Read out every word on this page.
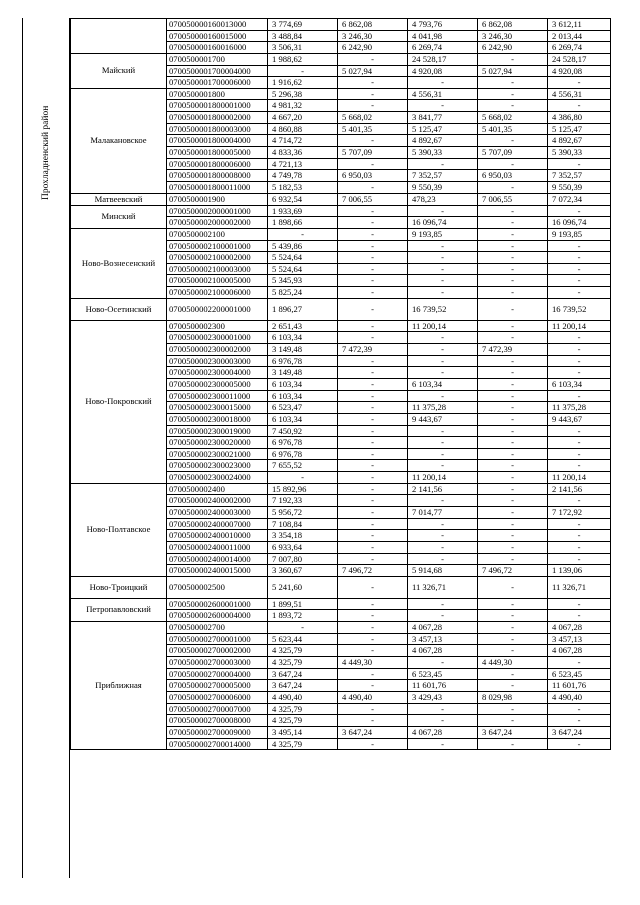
Прохладненский район
	070050000160013000	3 774,69	6 862,08	4 793,76	6 862,08	3 612,11
	070050000160015000	3 488,84	3 246,30	4 041,98	3 246,30	2 013,44
	070050000160016000	3 506,31	6 242,90	6 269,74	6 242,90	6 269,74
Майский	0700500001700	1 988,62	-	24 528,17	-	24 528,17
	0700500001700004000	-	5 027,94	4 920,08	5 027,94	4 920,08
	0700500001700006000	1 916,62	-	-	-	-
Малакановское	0700500001800	5 296,38	-	4 556,31	-	4 556,31
	0700500001800001000	4 981,32	-	-	-	-
	0700500001800002000	4 667,20	5 668,02	3 841,77	5 668,02	4 386,80
	0700500001800003000	4 860,88	5 401,35	5 125,47	5 401,35	5 125,47
	0700500001800004000	4 714,72	-	4 892,67	-	4 892,67
	0700500001800005000	4 833,36	5 707,09	5 390,33	5 707,09	5 390,33
	0700500001800006000	4 721,13	-	-	-	-
	0700500001800008000	4 749,78	6 950,03	7 352,57	6 950,03	7 352,57
	0700500001800011000	5 182,53	-	9 550,39	-	9 550,39
Матвеевский	0700500001900	6 932,54	7 006,55	478,23	7 006,55	7 072,34
Минский	0700500002000001000	1 933,69	-	-	-	-
	0700500002000002000	1 898,66	-	16 096,74	-	16 096,74
Ново-Вознесенский	0700500002100	-	-	9 193,85	-	9 193,85
	0700500002100001000	5 439,86	-	-	-	-
	0700500002100002000	5 524,64	-	-	-	-
	0700500002100003000	5 524,64	-	-	-	-
	0700500002100005000	5 345,93	-	-	-	-
	0700500002100006000	5 825,24	-	-	-	-
Ново-Осетинский	0700500002200001000	1 896,27	-	16 739,52	-	16 739,52
Ново-Покровский	0700500002300	2 651,43	-	11 200,14	-	11 200,14
	0700500002300001000	6 103,34	-	-	-	-
	0700500002300002000	3 149,48	7 472,39	-	7 472,39	-
	0700500002300003000	6 976,78	-	-	-	-
	0700500002300004000	3 149,48	-	-	-	-
	0700500002300005000	6 103,34	-	6 103,34	-	6 103,34
	0700500002300011000	6 103,34	-	-	-	-
	0700500002300015000	6 523,47	-	11 375,28	-	11 375,28
	0700500002300018000	6 103,34	-	9 443,67	-	9 443,67
	0700500002300019000	7 450,92	-	-	-	-
	0700500002300020000	6 976,78	-	-	-	-
	0700500002300021000	6 976,78	-	-	-	-
	0700500002300023000	7 655,52	-	-	-	-
	0700500002300024000	-	-	11 200,14	-	11 200,14
Ново-Полтавское	0700500002400	15 892,96	-	2 141,56	-	2 141,56
	0700500002400002000	7 192,33	-	-	-	-
	0700500002400003000	5 956,72	-	7 014,77	-	7 172,92
	0700500002400007000	7 108,84	-	-	-	-
	0700500002400010000	3 354,18	-	-	-	-
	0700500002400011000	6 933,64	-	-	-	-
	0700500002400014000	7 007,80	-	-	-	-
	0700500002400015000	3 360,67	7 496,72	5 914,68	7 496,72	1 139,06
Ново-Троицкий	0700500002500	5 241,60	-	11 326,71	-	11 326,71
Петропавловский	0700500002600001000	1 899,51	-	-	-	-
	0700500002600004000	1 893,72	-	-	-	-
Приближная	0700500002700	-	-	4 067,28	-	4 067,28
	0700500002700001000	5 623,44	-	3 457,13	-	3 457,13
	0700500002700002000	4 325,79	-	4 067,28	-	4 067,28
	0700500002700003000	4 325,79	4 449,30	-	4 449,30	-
	0700500002700004000	3 647,24	-	6 523,45	-	6 523,45
	0700500002700005000	3 647,24	-	11 601,76	-	11 601,76
	0700500002700006000	4 490,40	4 490,40	3 429,43	8 029,98	4 490,40
	0700500002700007000	4 325,79	-	-	-	-
	0700500002700008000	4 325,79	-	-	-	-
	0700500002700009000	3 495,14	3 647,24	4 067,28	3 647,24	3 647,24
	0700500002700014000	4 325,79	-	-	-	-
